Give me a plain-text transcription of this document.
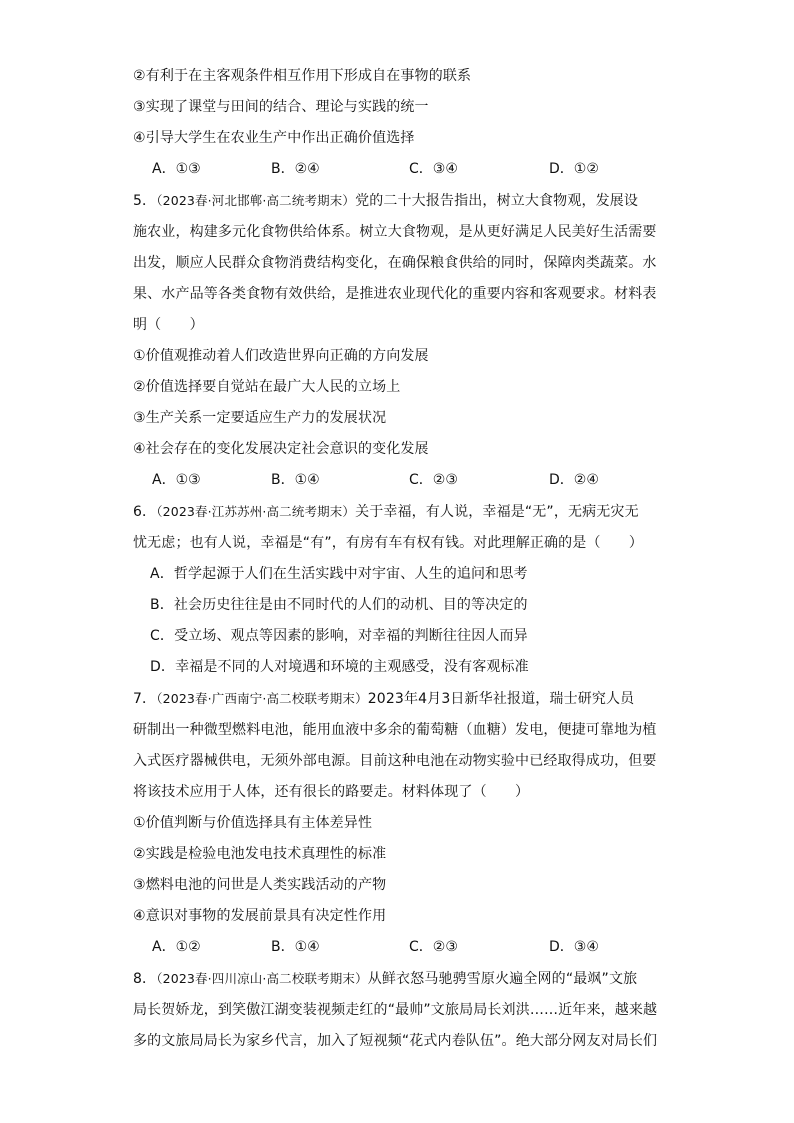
②有利于在主客观条件相互作用下形成自在事物的联系
③实现了课堂与田间的结合、理论与实践的统一
④引导大学生在农业生产中作出正确价值选择
A．①③	B．②④	C．③④	D．①②
5．（2023春·河北邯郸·高二统考期末）党的二十大报告指出，树立大食物观，发展设
施农业，构建多元化食物供给体系。树立大食物观，是从更好满足人民美好生活需要
出发，顺应人民群众食物消费结构变化，在确保粮食供给的同时，保障肉类蔬菜。水
果、水产品等各类食物有效供给，是推进农业现代化的重要内容和客观要求。材料表
明（　　）
①价值观推动着人们改造世界向正确的方向发展
②价值选择要自觉站在最广大人民的立场上
③生产关系一定要适应生产力的发展状况
④社会存在的变化发展决定社会意识的变化发展
A．①③	B．①④	C．②③	D．②④
6．（2023春·江苏苏州·高二统考期末）关于幸福，有人说，幸福是“无”，无病无灾无
忧无虑；也有人说，幸福是“有”，有房有车有权有钱。对此理解正确的是（　　）
A．哲学起源于人们在生活实践中对宇宙、人生的追问和思考
B．社会历史往往是由不同时代的人们的动机、目的等决定的
C．受立场、观点等因素的影响，对幸福的判断往往因人而异
D．幸福是不同的人对境遇和环境的主观感受，没有客观标准
7．（2023春·广西南宁·高二校联考期末）2023年4月3日新华社报道，瑞士研究人员
研制出一种微型燃料电池，能用血液中多余的葡萄糖（血糖）发电，便捷可靠地为植
入式医疗器械供电，无须外部电源。目前这种电池在动物实验中已经取得成功，但要
将该技术应用于人体，还有很长的路要走。材料体现了（　　）
①价值判断与价值选择具有主体差异性
②实践是检验电池发电技术真理性的标准
③燃料电池的问世是人类实践活动的产物
④意识对事物的发展前景具有决定性作用
A．①②	B．①④	C．②③	D．③④
8．（2023春·四川凉山·高二校联考期末）从鲜衣怒马驰骋雪原火遍全网的“最飒”文旅
局长贺娇龙，到笑傲江湖变装视频走红的“最帅”文旅局局长刘洪……近年来，越来越
多的文旅局局长为家乡代言，加入了短视频“花式内卷队伍”。绝大部分网友对局长们
